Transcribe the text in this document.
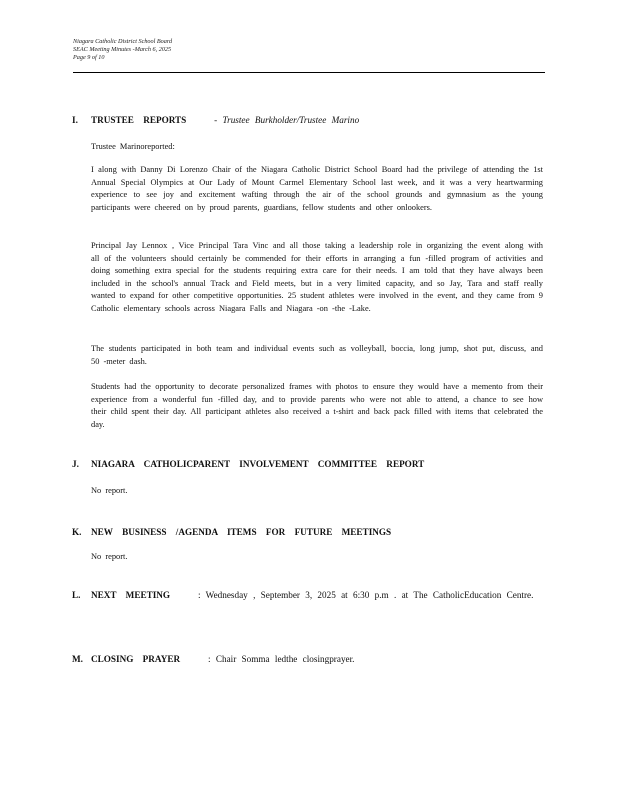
Niagara Catholic District School Board
SEAC Meeting Minutes -March 6, 2025
Page 9 of 10
I. TRUSTEE REPORTS	- Trustee Burkholder/Trustee Marino
Trustee Marinoreported:
I along with Danny Di Lorenzo Chair of the Niagara Catholic District School Board had the privilege of attending the 1st Annual Special Olympics at Our Lady of Mount Carmel Elementary School last week, and it was a very heartwarming experience to see joy and excitement wafting through the air of the school grounds and gymnasium as the young participants were cheered on by proud parents, guardians, fellow students and other onlookers.
Principal Jay Lennox , Vice Principal Tara Vinc and all those taking a leadership role in organizing the event along with all of the volunteers should certainly be commended for their efforts in arranging a fun -filled program of activities and doing something extra special for the students requiring extra care for their needs. I am told that they have always been included in the school's annual Track and Field meets, but in a very limited capacity, and so Jay, Tara and staff really wanted to expand for other competitive opportunities. 25 student athletes were involved in the event, and they came from 9 Catholic elementary schools across Niagara Falls and Niagara -on -the -Lake.
The students participated in both team and individual events such as volleyball, boccia, long jump, shot put, discuss, and 50 -meter dash.
Students had the opportunity to decorate personalized frames with photos to ensure they would have a memento from their experience from a wonderful fun -filled day, and to provide parents who were not able to attend, a chance to see how their child spent their day. All participant athletes also received a t-shirt and back pack filled with items that celebrated the day.
J. NIAGARA CATHOLICPARENT INVOLVEMENT COMMITTEE REPORT
No report.
K. NEW BUSINESS /AGENDA ITEMS FOR FUTURE MEETINGS
No report.
L. NEXT MEETING	: Wednesday , September 3, 2025 at 6:30 p.m . at The CatholicEducation Centre.
M. CLOSING PRAYER	: Chair Somma ledthe closingprayer.
